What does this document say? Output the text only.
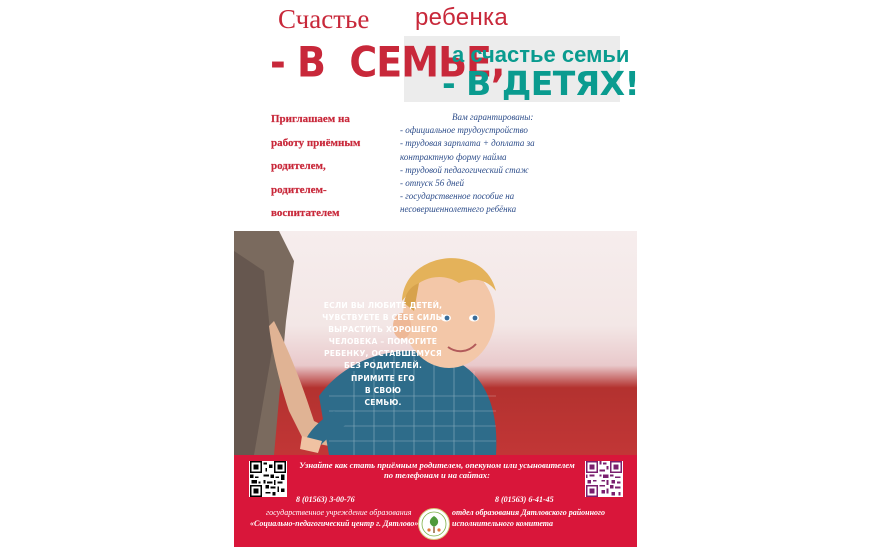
Счастье ребенка
- В  СЕМЬЕ,
а счастье семьи
- В ДЕТЯХ!
Приглашаем на
работу приёмным
родителем,
родителем-
воспитателем
Вам гарантированы:
- официальное трудоустройство
- трудовая зарплата + доплата за
контрактную форму найма
- трудовой педагогический стаж
- отпуск 56 дней
- государственное пособие на
несовершеннолетнего ребёнка
ЕСЛИ ВЫ ЛЮБИТЕ ДЕТЕЙ,
ЧУВСТВУЕТЕ В СЕБЕ СИЛЫ
ВЫРАСТИТЬ ХОРОШЕГО
ЧЕЛОВЕКА – ПОМОГИТЕ
РЕБЕНКУ, ОСТАВШЕМУСЯ
БЕЗ РОДИТЕЛЕЙ.
ПРИМИТЕ ЕГО
В СВОЮ
СЕМЬЮ.
Узнайте как стать приёмным родителем, опекуном или усыновителем
по телефонам и на сайтах:
8 (01563) 3-00-76	8 (01563) 6-41-45
государственное учреждение образования
«Социально-педагогический центр г. Дятлово»
отдел образования Дятловского районного
исполнительного комитета
